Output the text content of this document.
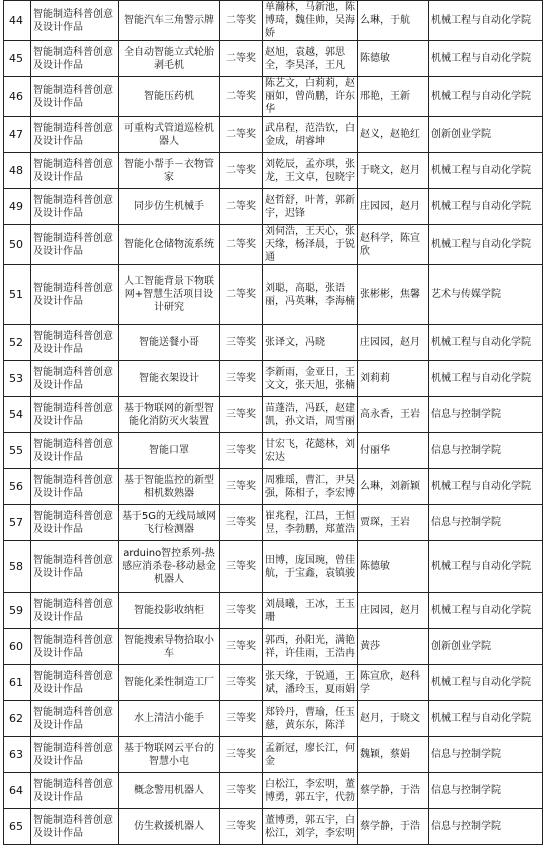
44	智能制造科普创意及设计作品	智能汽车三角警示牌	二等奖	单瀚林，马新池，陈博琦，魏佳帅，吴海娇	么琳，于航	机械工程与自动化学院
45	智能制造科普创意及设计作品	全自动智能立式轮胎剥毛机	二等奖	赵旭，袁越，郭思全，李昊泽，王凡	陈德敏	机械工程与自动化学院
46	智能制造科普创意及设计作品	智能压药机	二等奖	陈艺文，白莉莉，赵丽如，曾尚鹏，许东华	邢艳，王新	机械工程与自动化学院
47	智能制造科普创意及设计作品	可重构式管道巡检机器人	二等奖	武帛程，范浩钦，白金成，胡睿坤	赵义，赵艳红	创新创业学院
48	智能制造科普创意及设计作品	智能小帮手－衣物管家	二等奖	刘乾辰，孟亦琪，张龙，王文卓，包晓宇	于晓文，赵月	机械工程与自动化学院
49	智能制造科普创意及设计作品	同步仿生机械手	二等奖	赵哲舒，叶菁，郭新宇，迟锋	庄园园，赵月	机械工程与自动化学院
50	智能制造科普创意及设计作品	智能化仓储物流系统	二等奖	刘伺浩，王天心，张天缘，杨泽晨，于锐通	赵科学，陈宣欣	机械工程与自动化学院
51	智能制造科普创意及设计作品	人工智能背景下物联网+智慧生活项目设计研究	二等奖	刘聪，高聪，张语丽，冯英琳，李海楠	张彬彬，焦馨	艺术与传媒学院
52	智能制造科普创意及设计作品	智能送餐小哥	三等奖	张译文，冯晓	庄园园，赵月	机械工程与自动化学院
53	智能制造科普创意及设计作品	智能衣架设计	三等奖	李新雨，金亚日，王文文，张天旭，张楠	刘莉莉	机械工程与自动化学院
54	智能制造科普创意及设计作品	基于物联网的新型智能化消防灭火装置	三等奖	苗蓬浩，冯跃，赵建凯，孙文语，周雪丽	高永香，王岩	信息与控制学院
55	智能制造科普创意及设计作品	智能口罩	三等奖	甘宏飞，花懿林，刘宏达	付丽华	信息与控制学院
56	智能制造科普创意及设计作品	基于智能监控的新型相机数熟器	三等奖	周雅瑶，曹汇，尹昊强，陈相子，李宏博	么琳，刘新颖	机械工程与自动化学院
57	智能制造科普创意及设计作品	基于5G的无线局域网飞行检测器	三等奖	崔兆程，江昌，王恒昱，李勃鹏，郑董浩	贾琛，王岩	信息与控制学院
58	智能制造科普创意及设计作品	arduino智控系列-热感应消杀卷-移动悬金机器人	三等奖	田博，庞国琬，曾佳航，于宝鑫，袁镇骏	陈德敏	机械工程与自动化学院
59	智能制造科普创意及设计作品	智能投影收纳柜	三等奖	刘晨曦，王冰，王玉珊	庄园园，赵月	机械工程与自动化学院
60	智能制造科普创意及设计作品	智能搜索导物拾取小车	三等奖	郭西，孙阳光，满艳祥，许佳雨，王浩冉	黄莎	创新创业学院
61	智能制造科普创意及设计作品	智能化柔性制造工厂	三等奖	张天缘，于锐通，王斌，潘玲玉，夏雨娟	陈宣欣，赵科学	机械工程与自动化学院
62	智能制造科普创意及设计作品	水上清洁小能手	三等奖	郑铃丹，曹瑜，任玉慈，黄东东，陈洋	赵月，于晓文	机械工程与自动化学院
63	智能制造科普创意及设计作品	基于物联网云平台的智慧小屯	三等奖	孟新冠，廖长江，何金	魏颖，蔡娟	信息与控制学院
64	智能制造科普创意及设计作品	概念警用机器人	三等奖	白松江，李宏明，董博勇，郭五宇，代勃	蔡学静，于浩	信息与控制学院
65	智能制造科普创意及设计作品	仿生救援机器人	三等奖	董博勇，郭五宇，白松江，刘学，李宏明	蔡学静，于浩	信息与控制学院
